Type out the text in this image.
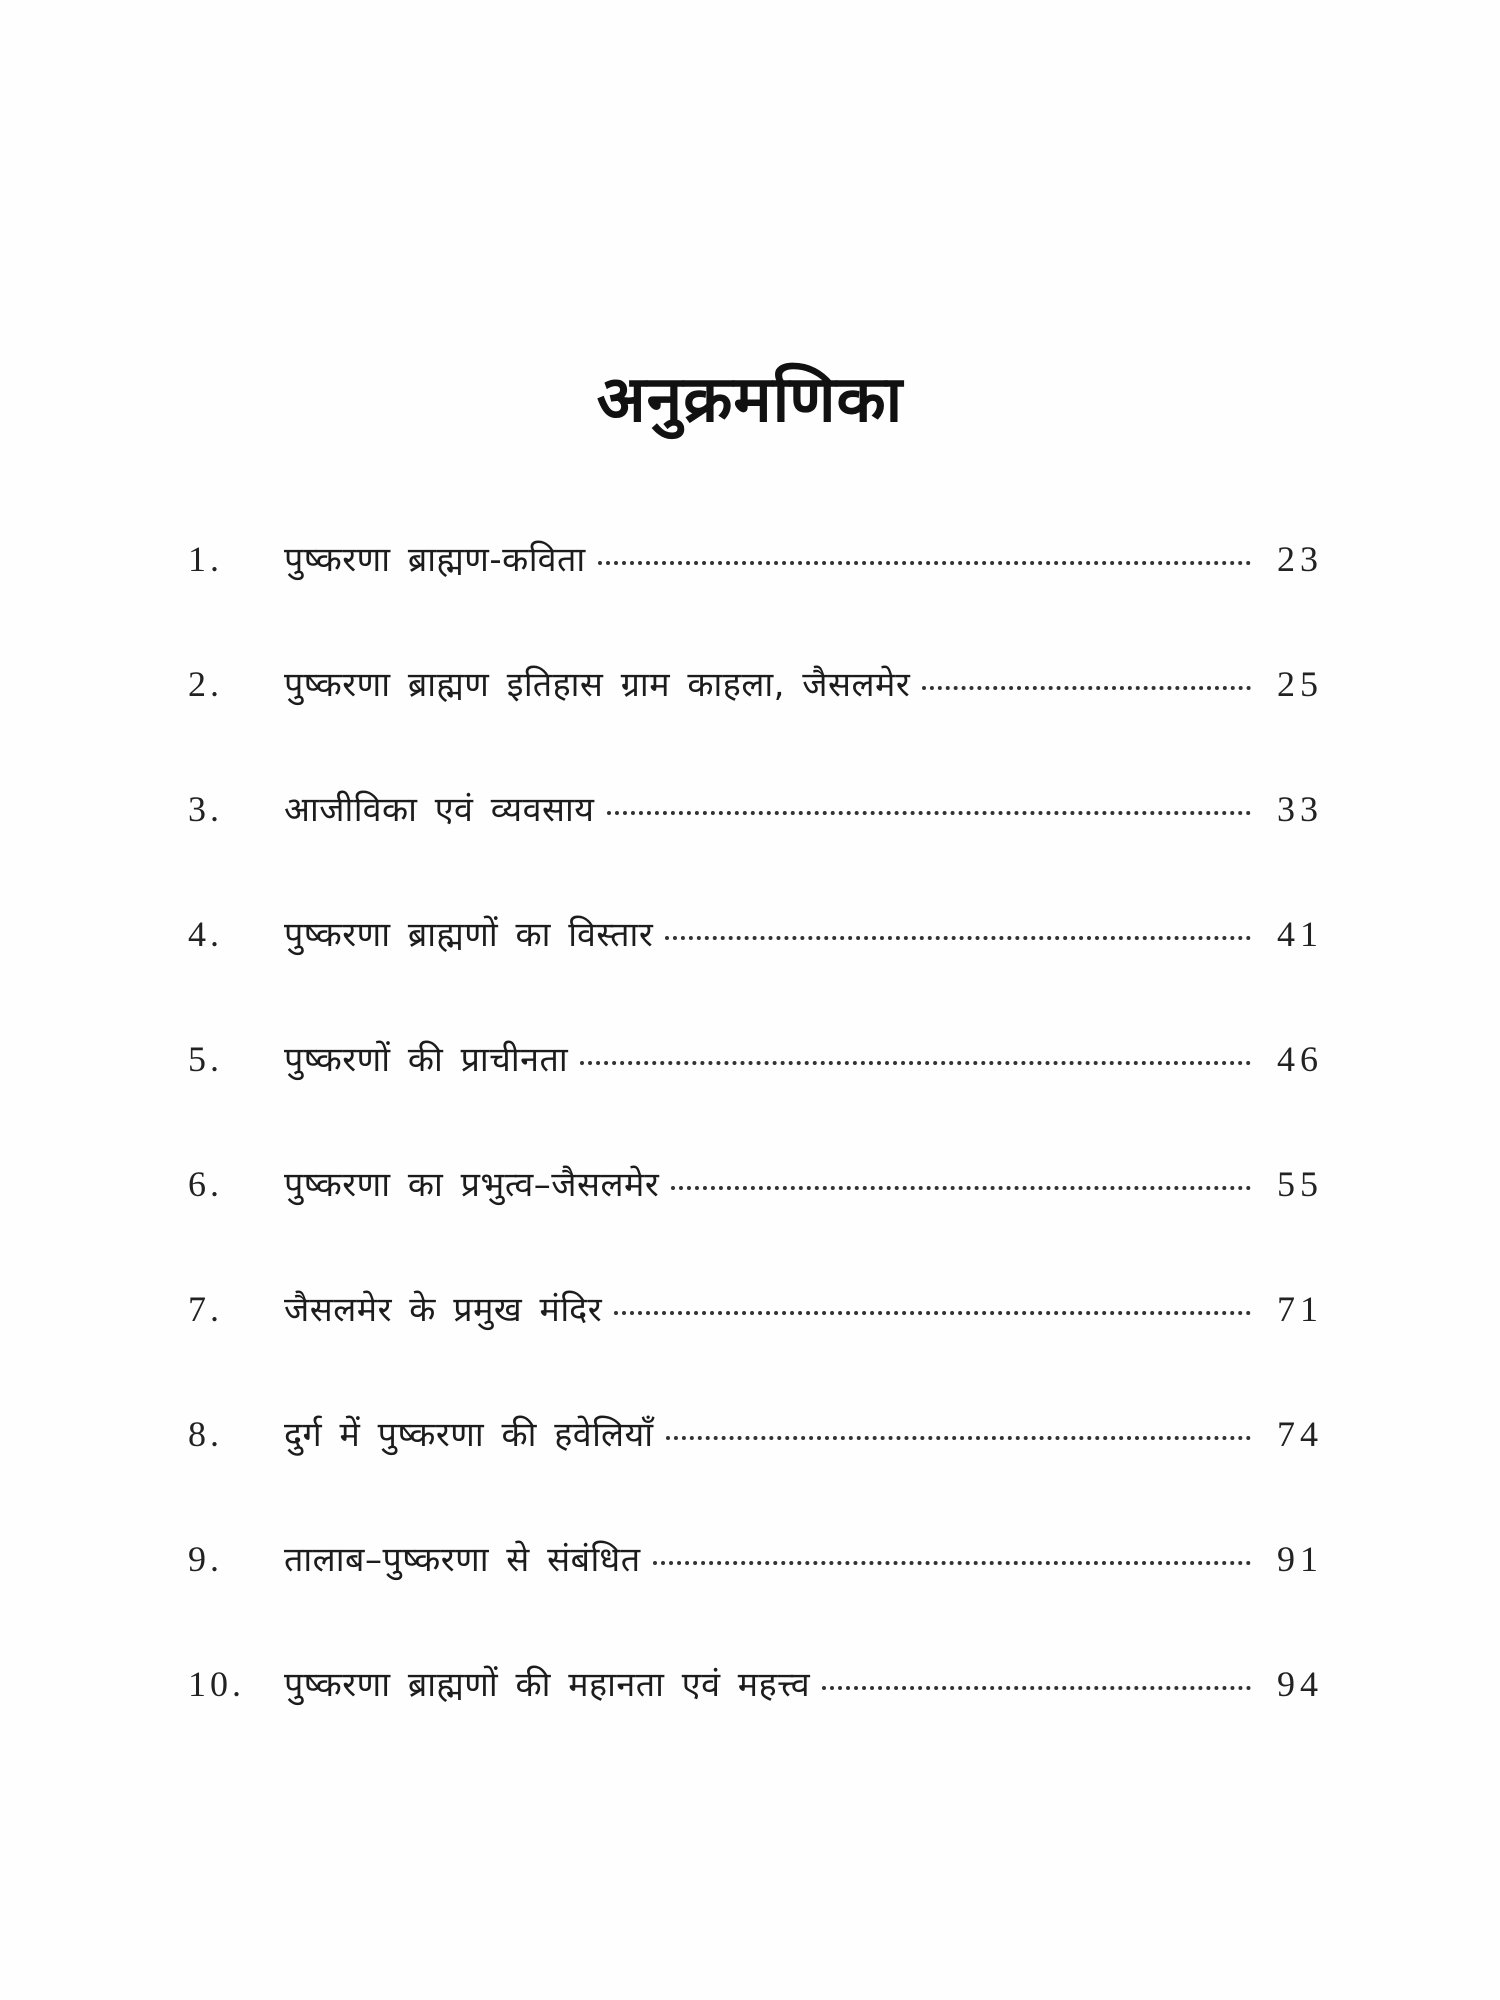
अनुक्रमणिका
1.	पुष्करणा ब्राह्मण-कविता	23
2.	पुष्करणा ब्राह्मण इतिहास ग्राम काहला, जैसलमेर	25
3.	आजीविका एवं व्यवसाय	33
4.	पुष्करणा ब्राह्मणों का विस्तार	41
5.	पुष्करणों की प्राचीनता	46
6.	पुष्करणा का प्रभुत्व–जैसलमेर	55
7.	जैसलमेर के प्रमुख मंदिर	71
8.	दुर्ग में पुष्करणा की हवेलियाँ	74
9.	तालाब–पुष्करणा से संबंधित	91
10.	पुष्करणा ब्राह्मणों की महानता एवं महत्त्व	94
